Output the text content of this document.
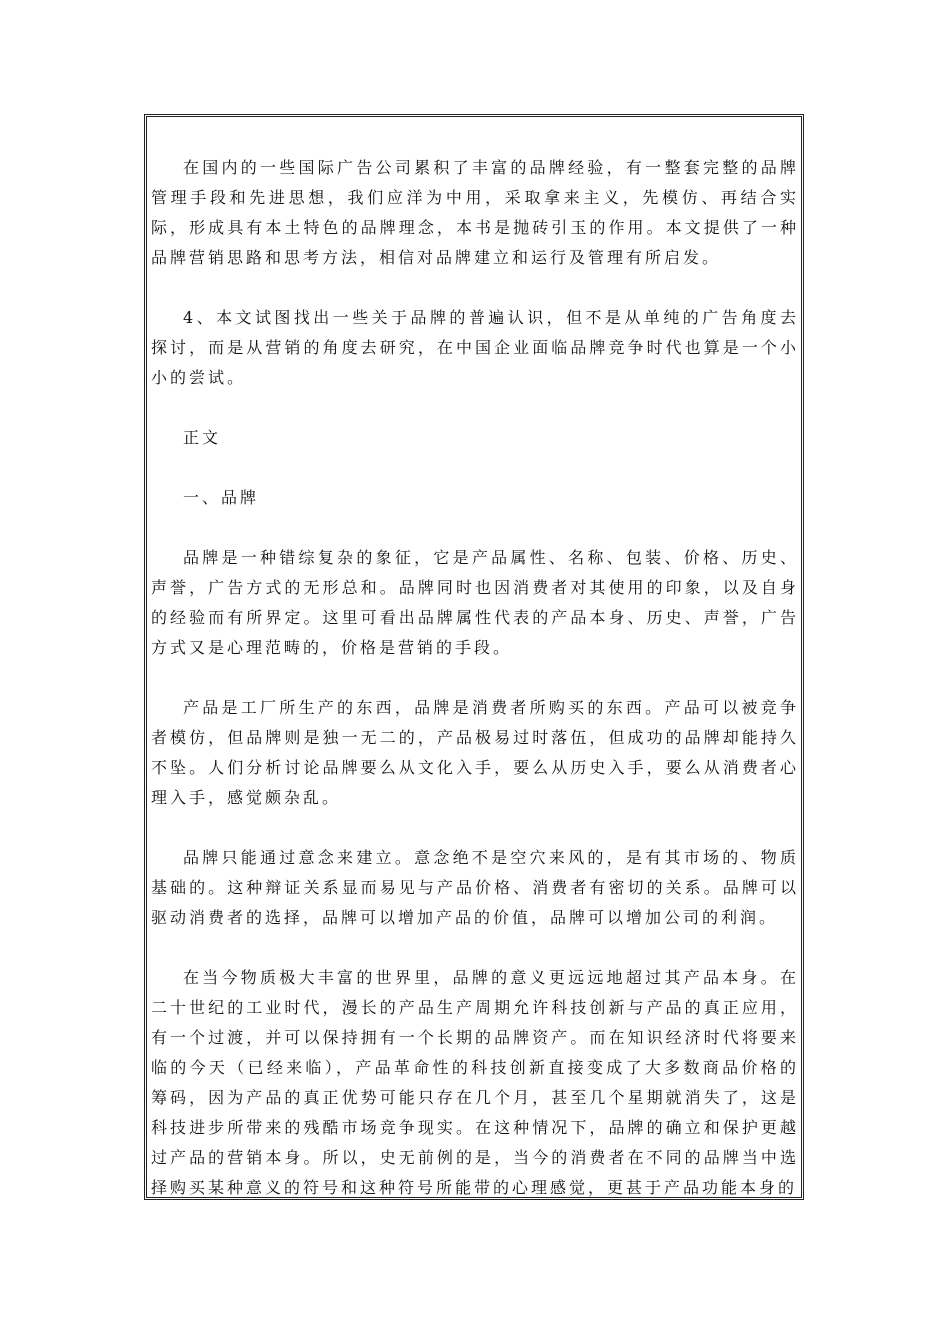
在国内的一些国际广告公司累积了丰富的品牌经验，有一整套完整的品牌管理手段和先进思想，我们应洋为中用，采取拿来主义，先模仿、再结合实际，形成具有本土特色的品牌理念，本书是抛砖引玉的作用。本文提供了一种品牌营销思路和思考方法，相信对品牌建立和运行及管理有所启发。

4、本文试图找出一些关于品牌的普遍认识，但不是从单纯的广告角度去探讨，而是从营销的角度去研究，在中国企业面临品牌竞争时代也算是一个小小的尝试。

正文

一、品牌

品牌是一种错综复杂的象征，它是产品属性、名称、包装、价格、历史、声誉，广告方式的无形总和。品牌同时也因消费者对其使用的印象，以及自身的经验而有所界定。这里可看出品牌属性代表的产品本身、历史、声誉，广告方式又是心理范畴的，价格是营销的手段。

产品是工厂所生产的东西，品牌是消费者所购买的东西。产品可以被竞争者模仿，但品牌则是独一无二的，产品极易过时落伍，但成功的品牌却能持久不坠。人们分析讨论品牌要么从文化入手，要么从历史入手，要么从消费者心理入手，感觉颇杂乱。

品牌只能通过意念来建立。意念绝不是空穴来风的，是有其市场的、物质基础的。这种辩证关系显而易见与产品价格、消费者有密切的关系。品牌可以驱动消费者的选择，品牌可以增加产品的价值，品牌可以增加公司的利润。

在当今物质极大丰富的世界里，品牌的意义更远远地超过其产品本身。在二十世纪的工业时代，漫长的产品生产周期允许科技创新与产品的真正应用，有一个过渡，并可以保持拥有一个长期的品牌资产。而在知识经济时代将要来临的今天（已经来临），产品革命性的科技创新直接变成了大多数商品价格的筹码，因为产品的真正优势可能只存在几个月，甚至几个星期就消失了，这是科技进步所带来的残酷市场竞争现实。在这种情况下，品牌的确立和保护更越过产品的营销本身。所以，史无前例的是，当今的消费者在不同的品牌当中选择购买某种意义的符号和这种符号所能带的心理感觉，更甚于产品功能本身的
